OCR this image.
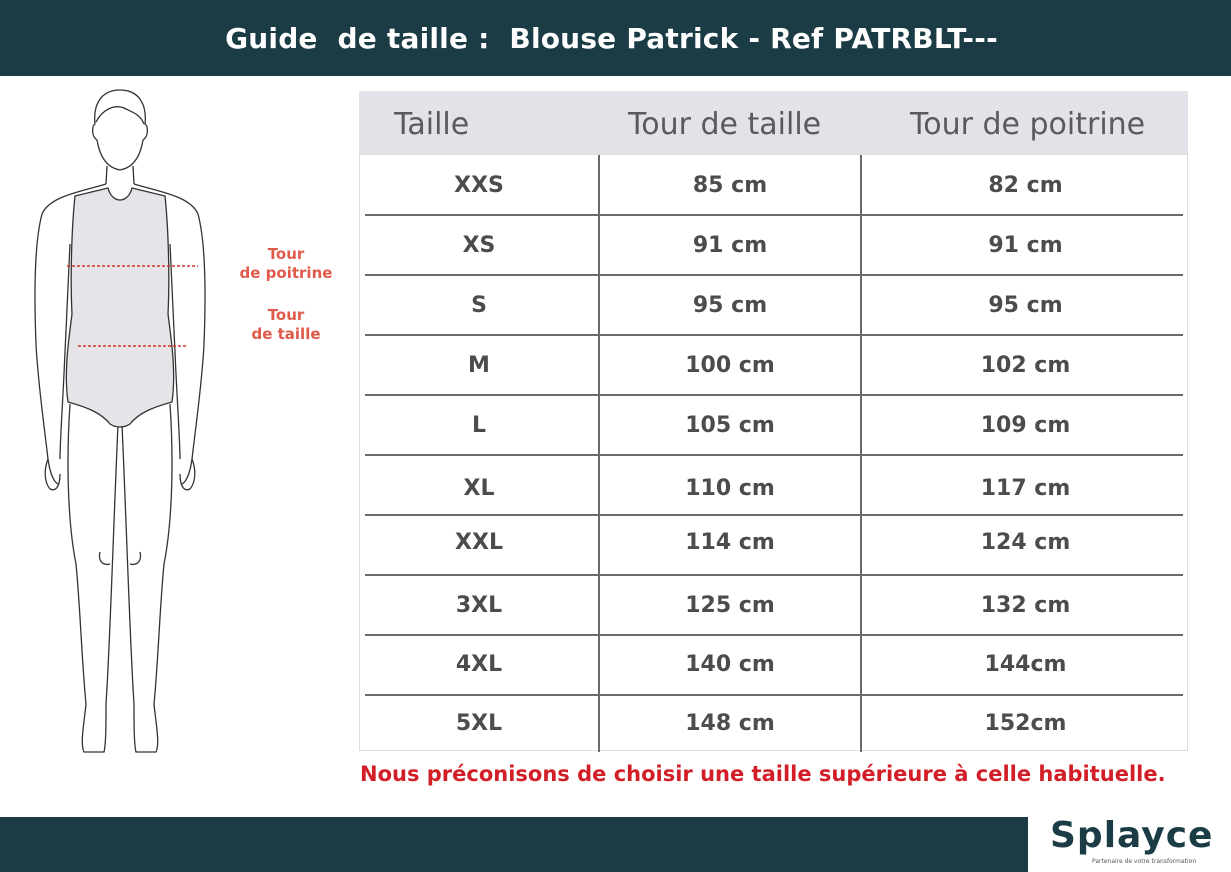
Guide  de taille :  Blouse Patrick - Ref PATRBLT---
Tour
de poitrine
Tour
de taille
Taille	Tour de taille	Tour de poitrine
XXS	85 cm	82 cm
XS	91 cm	91 cm
S	95 cm	95 cm
M	100 cm	102 cm
L	105 cm	109 cm
XL	110 cm	117 cm
XXL	114 cm	124 cm
3XL	125 cm	132 cm
4XL	140 cm	144cm
5XL	148 cm	152cm
Nous préconisons de choisir une taille supérieure à celle habituelle.
Splayce
Partenaire de votre transformation
